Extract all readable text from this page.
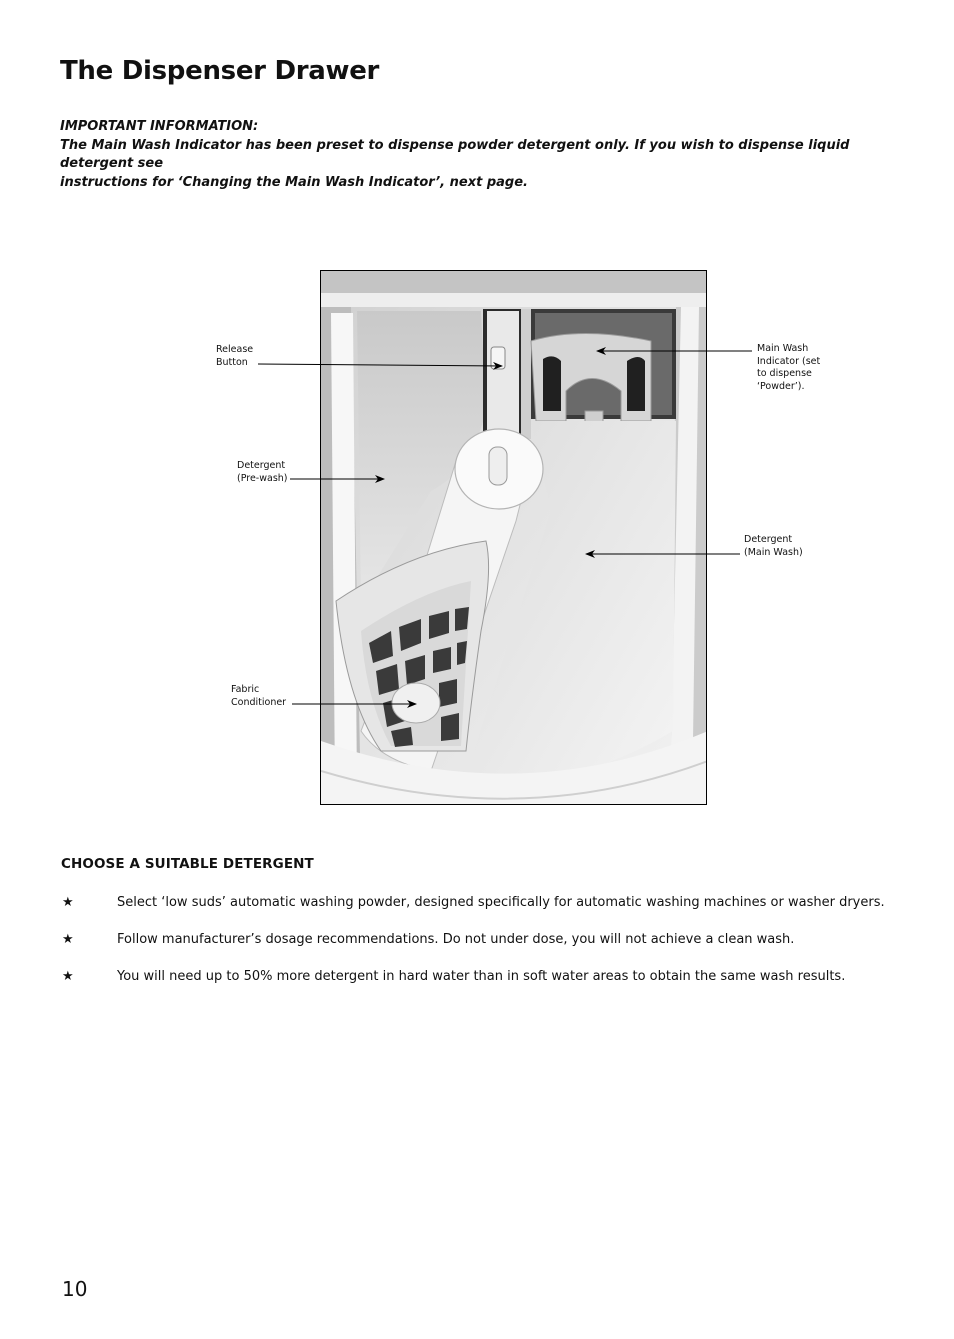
The Dispenser Drawer

IMPORTANT INFORMATION:

The Main Wash Indicator has been preset to dispense powder detergent only. If you wish to dispense liquid detergent see

instructions for ‘Changing the Main Wash Indicator’, next page.

Release
Button
Main Wash
Indicator (set
to dispense
‘Powder’).
Detergent
(Pre-wash)
Detergent
(Main Wash)
Fabric
Conditioner
CHOOSE A SUITABLE DETERGENT
★	Select ‘low suds’ automatic washing powder, designed specifically for automatic washing machines or washer dryers.
★	Follow manufacturer’s dosage recommendations. Do not under dose, you will not achieve a clean wash.
★	You will need up to 50% more detergent in hard water than in soft water areas to obtain the same wash results.
10
